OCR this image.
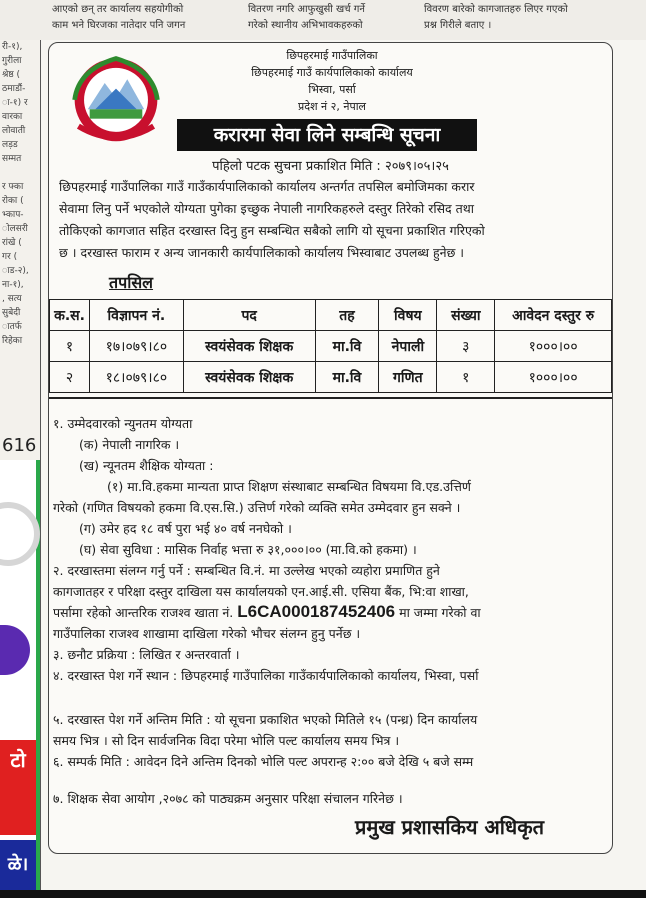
आएको छन् तर कार्यालय सहयोगीको
काम भने घिरजका नातेदार पनि जगन
वितरण नगरि आफुखुसी खर्च गर्ने
गरेको स्थानीय अभिभावकहरुको
विवरण बारेको कागजातहरु लिएर गएको
प्रश्न गिरीले बताए ।
री-१),
गुरीला
श्रेष्ठ (
ठमाडौं-
ा-१) र
वारका
लोवाती
लड़ड
सम्मत

र फ्का
रोका (
भ्काप-
ोलसरी
रांखे (
गर (
ाड-२),
ना-१),
, सत्य
सुबेदी
ातर्फ
रिहेका
616
टो
ळे।
छिपहरमाई गाउँपालिका
छिपहरमाई गाउँ कार्यपालिकाको कार्यालय
भिस्वा, पर्सा
प्रदेश नं २, नेपाल
करारमा सेवा लिने सम्बन्धि सूचना
पहिलो पटक सुचना प्रकाशित मिति : २०७९।०५।२५
छिपहरमाई गाउँपालिका गाउँ गाउँकार्यपालिकाको कार्यालय अन्तर्गत तपसिल बमोजिमका करार
सेवामा लिनु पर्ने भएकोले योग्यता पुगेका इच्छुक नेपाली नागरिकहरुले दस्तुर तिरेको रसिद तथा
तोकिएको कागजात सहित दरखास्त दिनु हुन सम्बन्धित सबैको लागि यो सूचना प्रकाशित गरिएको
छ । दरखास्त फाराम र अन्य जानकारी कार्यपालिकाको कार्यालय भिस्वाबाट उपलब्ध हुनेछ ।
तपसिल
क.स.	विज्ञापन नं.	पद	तह	विषय	संख्या	आवेदन दस्तुर रु
१	१७।०७९।८०	स्वयंसेवक शिक्षक	मा.वि	नेपाली	३	१०००।००
२	१८।०७९।८०	स्वयंसेवक शिक्षक	मा.वि	गणित	१	१०००।००
१. उम्मेदवारको न्युनतम योग्यता
(क) नेपाली नागरिक ।
(ख) न्यूनतम शैक्षिक योग्यता :
(१) मा.वि.हकमा मान्यता प्राप्त शिक्षण संस्थाबाट सम्बन्धित विषयमा वि.एड.उत्तिर्ण
गरेको (गणित विषयको हकमा वि.एस.सि.) उत्तिर्ण गरेको व्यक्ति समेत उम्मेदवार हुन सक्ने ।
(ग) उमेर हद १८ वर्ष पुरा भई ४० वर्ष ननघेको ।
(घ) सेवा सुविधा : मासिक निर्वाह भत्ता रु ३१,०००।०० (मा.वि.को हकमा) ।
२. दरखास्तमा संलग्न गर्नु पर्ने : सम्बन्धित वि.नं. मा उल्लेख भएको व्यहोरा प्रमाणित हुने
कागजातहर र परिक्षा दस्तुर दाखिला यस कार्यालयको एन.आई.सी. एसिया बैंक, भि:वा शाखा,
पर्सामा रहेको आन्तरिक राजश्व खाता नं. L6CA000187452406 मा जम्मा गरेको वा
गाउँपालिका राजश्व शाखामा दाखिला गरेको भौचर संलग्न हुनु पर्नेछ ।
३. छनौट प्रक्रिया : लिखित र अन्तरवार्ता ।
४. दरखास्त पेश गर्ने स्थान : छिपहरमाई गाउँपालिका गाउँकार्यपालिकाको कार्यालय, भिस्वा, पर्सा
५. दरखास्त पेश गर्ने अन्तिम मिति : यो सूचना प्रकाशित भएको मितिले १५ (पन्ध्र) दिन कार्यालय
समय भित्र । सो दिन सार्वजनिक विदा परेमा भोलि पल्ट कार्यालय समय भित्र ।
६. सम्पर्क मिति : आवेदन दिने अन्तिम दिनको भोलि पल्ट अपरान्ह २:०० बजे देखि ५ बजे सम्म
७. शिक्षक सेवा आयोग ,२०७८ को पाठ्यक्रम अनुसार परिक्षा संचालन गरिनेछ ।
प्रमुख प्रशासकिय अधिकृत
